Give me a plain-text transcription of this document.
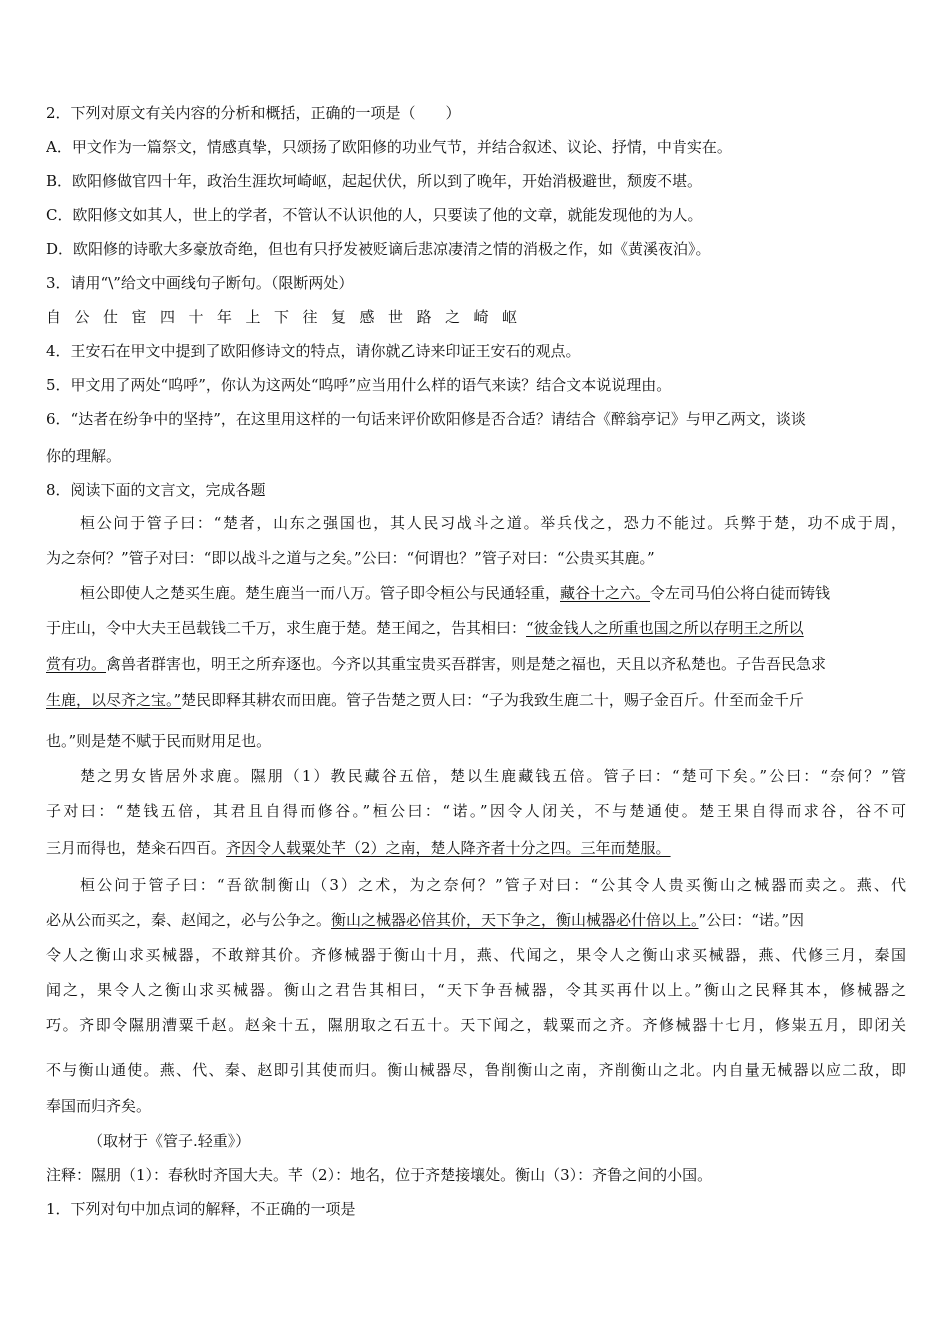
2．下列对原文有关内容的分析和概括，正确的一项是（　　）
A．甲文作为一篇祭文，情感真挚，只颂扬了欧阳修的功业气节，并结合叙述、议论、抒情，中肯实在。
B．欧阳修做官四十年，政治生涯坎坷崎岖，起起伏伏，所以到了晚年，开始消极避世，颓废不堪。
C．欧阳修文如其人，世上的学者，不管认不认识他的人，只要读了他的文章，就能发现他的为人。
D．欧阳修的诗歌大多豪放奇绝，但也有只抒发被贬谪后悲凉凄清之情的消极之作，如《黄溪夜泊》。
3．请用“\”给文中画线句子断句。（限断两处）
自公仕宦四十年上下往复感世路之崎岖
4．王安石在甲文中提到了欧阳修诗文的特点，请你就乙诗来印证王安石的观点。
5．甲文用了两处“呜呼”，你认为这两处“呜呼”应当用什么样的语气来读？结合文本说说理由。
6．“达者在纷争中的坚持”，在这里用这样的一句话来评价欧阳修是否合适？请结合《醉翁亭记》与甲乙两文，谈谈
你的理解。
8．阅读下面的文言文，完成各题
桓公问于管子曰：“楚者，山东之强国也，其人民习战斗之道。举兵伐之，恐力不能过。兵弊于楚，功不成于周，
为之奈何？”管子对曰：“即以战斗之道与之矣。”公曰：“何谓也？”管子对曰：“公贵买其鹿。”
桓公即使人之楚买生鹿。楚生鹿当一而八万。管子即令桓公与民通轻重，藏谷十之六。令左司马伯公将白徒而铸钱
于庄山，令中大夫王邑载钱二千万，求生鹿于楚。楚王闻之，告其相曰：“彼金钱人之所重也国之所以存明王之所以
赏有功。禽兽者群害也，明王之所弃逐也。今齐以其重宝贵买吾群害，则是楚之福也，天且以齐私楚也。子告吾民急求
生鹿，以尽齐之宝。”楚民即释其耕农而田鹿。管子告楚之贾人曰：“子为我致生鹿二十，赐子金百斤。什至而金千斤
也。”则是楚不赋于民而财用足也。
楚之男女皆居外求鹿。隰朋（1）教民藏谷五倍，楚以生鹿藏钱五倍。管子曰：“楚可下矣。”公曰：“奈何？”管
子对曰：“楚钱五倍，其君且自得而修谷。”桓公曰：“诺。”因令人闭关，不与楚通使。楚王果自得而求谷，谷不可
三月而得也，楚籴石四百。齐因令人载粟处芊（2）之南，楚人降齐者十分之四。三年而楚服。
桓公问于管子曰：“吾欲制衡山（3）之术，为之奈何？”管子对曰：“公其令人贵买衡山之械器而卖之。燕、代
必从公而买之，秦、赵闻之，必与公争之。衡山之械器必倍其价，天下争之，衡山械器必什倍以上。”公曰：“诺。”因
令人之衡山求买械器，不敢辩其价。齐修械器于衡山十月，燕、代闻之，果令人之衡山求买械器，燕、代修三月，秦国
闻之，果令人之衡山求买械器。衡山之君告其相曰，“天下争吾械器，令其买再什以上。”衡山之民释其本，修械器之
巧。齐即令隰朋漕粟千赵。赵籴十五，隰朋取之石五十。天下闻之，载粟而之齐。齐修械器十七月，修粜五月，即闭关
不与衡山通使。燕、代、秦、赵即引其使而归。衡山械器尽，鲁削衡山之南，齐削衡山之北。内自量无械器以应二敌，即
奉国而归齐矣。
（取材于《管子.轻重》）
注释：隰朋（1）：春秋时齐国大夫。芊（2）：地名，位于齐楚接壤处。衡山（3）：齐鲁之间的小国。
1．下列对句中加点词的解释，不正确的一项是
